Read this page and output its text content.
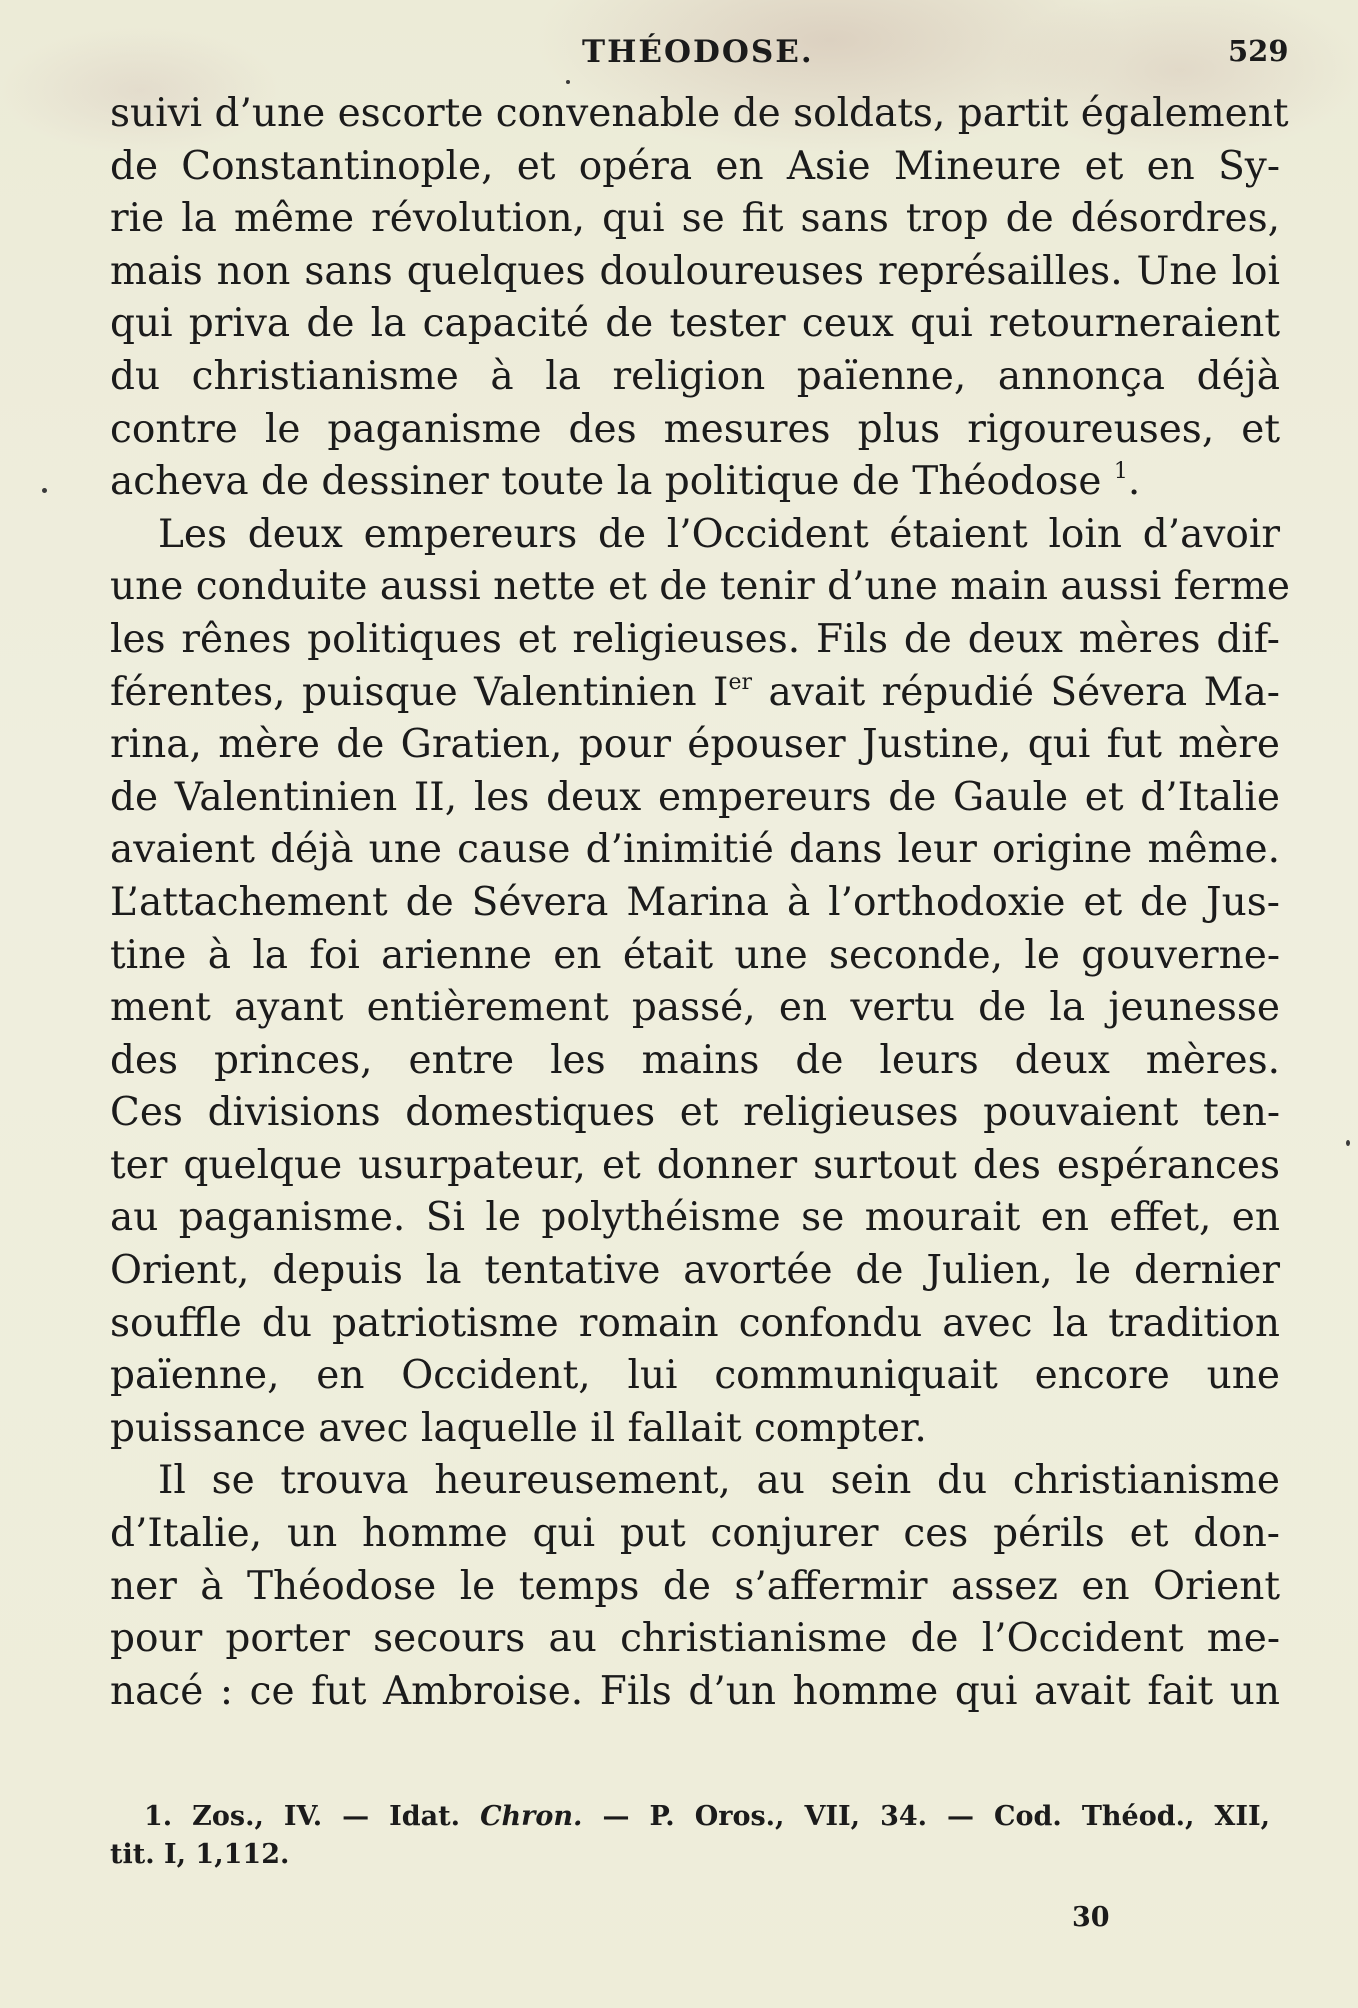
THÉODOSE.	529
suivi d’une escorte convenable de soldats, partit également
de Constantinople, et opéra en Asie Mineure et en Sy-
rie la même révolution, qui se fit sans trop de désordres,
mais non sans quelques douloureuses représailles. Une loi
qui priva de la capacité de tester ceux qui retourneraient
du christianisme à la religion païenne, annonça déjà
contre le paganisme des mesures plus rigoureuses, et
acheva de dessiner toute la politique de Théodose $^1$.
Les deux empereurs de l’Occident étaient loin d’avoir
une conduite aussi nette et de tenir d’une main aussi ferme
les rênes politiques et religieuses. Fils de deux mères dif-
férentes, puisque Valentinien Ier avait répudié Séverа Ma-
rina, mère de Gratien, pour épouser Justine, qui fut mère
de Valentinien II, les deux empereurs de Gaule et d’Italie
avaient déjà une cause d’inimitié dans leur origine même.
L’attachement de Séverа Marina à l’orthodoxie et de Jus-
tine à la foi arienne en était une seconde, le gouverne-
ment ayant entièrement passé, en vertu de la jeunesse
des princes, entre les mains de leurs deux mères.
Ces divisions domestiques et religieuses pouvaient ten-
ter quelque usurpateur, et donner surtout des espérances
au paganisme. Si le polythéisme se mourait en effet, en
Orient, depuis la tentative avortée de Julien, le dernier
souffle du patriotisme romain confondu avec la tradition
païenne, en Occident, lui communiquait encore une
puissance avec laquelle il fallait compter.
Il se trouva heureusement, au sein du christianisme
d’Italie, un homme qui put conjurer ces périls et don-
ner à Théodose le temps de s’affermir assez en Orient
pour porter secours au christianisme de l’Occident me-
nacé : ce fut Ambroise. Fils d’un homme qui avait fait un
1. Zos., IV. — Idat. Chron. — P. Oros., VII, 34. — Cod. Théod., XII,
tit. I, 1,112.
30
